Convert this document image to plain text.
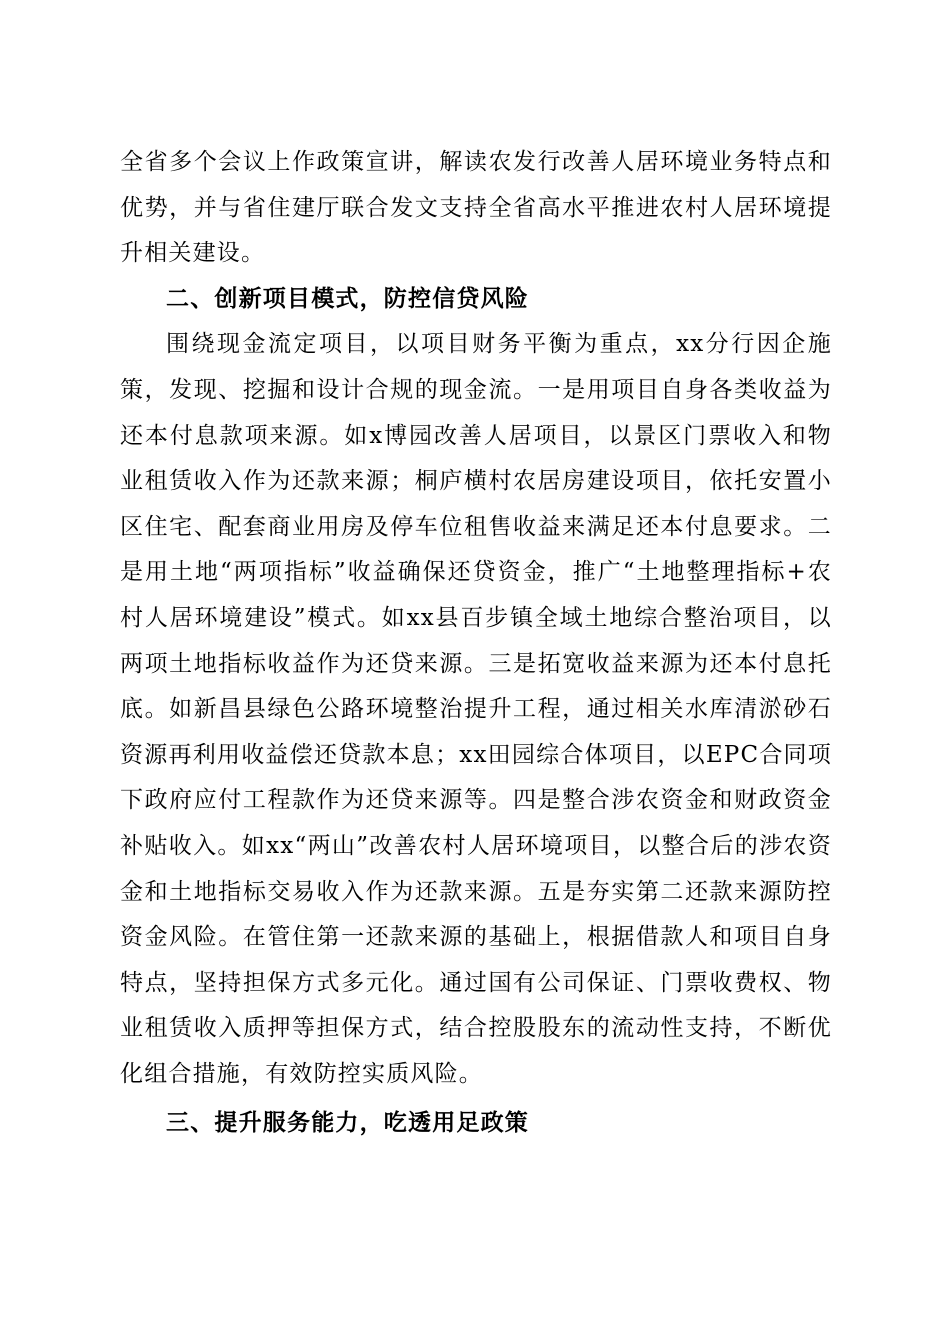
全省多个会议上作政策宣讲，解读农发行改善人居环境业务特点和优势，并与省住建厅联合发文支持全省高水平推进农村人居环境提升相关建设。

二、创新项目模式，防控信贷风险

围绕现金流定项目，以项目财务平衡为重点，xx分行因企施策，发现、挖掘和设计合规的现金流。一是用项目自身各类收益为还本付息款项来源。如x博园改善人居项目，以景区门票收入和物业租赁收入作为还款来源；桐庐横村农居房建设项目，依托安置小区住宅、配套商业用房及停车位租售收益来满足还本付息要求。二是用土地“两项指标”收益确保还贷资金，推广“土地整理指标+农村人居环境建设”模式。如xx县百步镇全域土地综合整治项目，以两项土地指标收益作为还贷来源。三是拓宽收益来源为还本付息托底。如新昌县绿色公路环境整治提升工程，通过相关水库清淤砂石资源再利用收益偿还贷款本息；xx田园综合体项目，以EPC合同项下政府应付工程款作为还贷来源等。四是整合涉农资金和财政资金补贴收入。如xx“两山”改善农村人居环境项目，以整合后的涉农资金和土地指标交易收入作为还款来源。五是夯实第二还款来源防控资金风险。在管住第一还款来源的基础上，根据借款人和项目自身特点，坚持担保方式多元化。通过国有公司保证、门票收费权、物业租赁收入质押等担保方式，结合控股股东的流动性支持，不断优化组合措施，有效防控实质风险。

三、提升服务能力，吃透用足政策
